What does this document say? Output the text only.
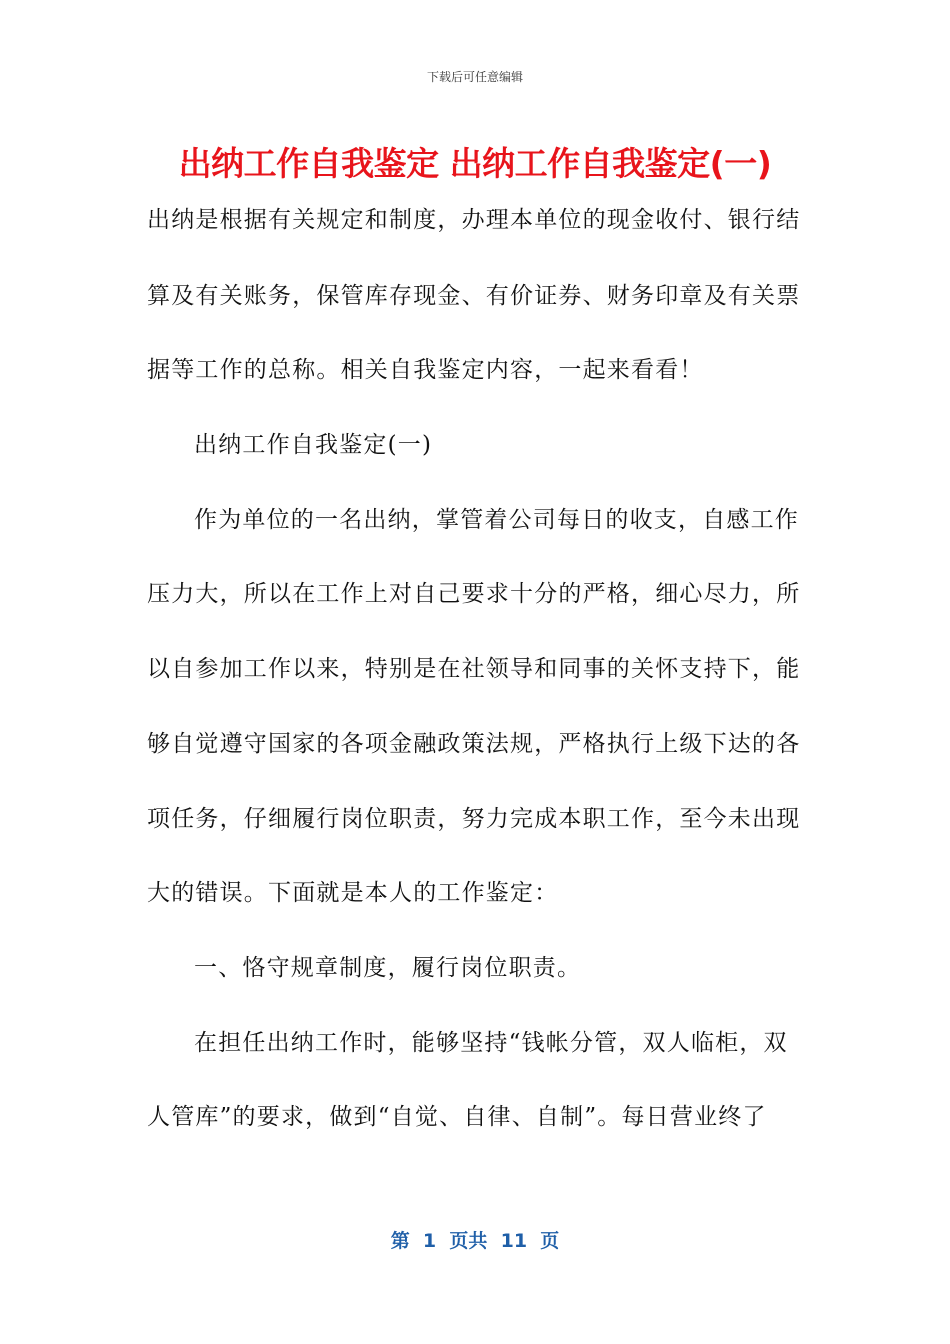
下载后可任意编辑
出纳工作自我鉴定 出纳工作自我鉴定(一)
出纳是根据有关规定和制度，办理本单位的现金收付、银行结
算及有关账务，保管库存现金、有价证券、财务印章及有关票
据等工作的总称。相关自我鉴定内容，一起来看看！
出纳工作自我鉴定(一)
作为单位的一名出纳，掌管着公司每日的收支，自感工作
压力大，所以在工作上对自己要求十分的严格，细心尽力，所
以自参加工作以来，特别是在社领导和同事的关怀支持下，能
够自觉遵守国家的各项金融政策法规，严格执行上级下达的各
项任务，仔细履行岗位职责，努力完成本职工作，至今未出现
大的错误。下面就是本人的工作鉴定：
一、恪守规章制度，履行岗位职责。
在担任出纳工作时，能够坚持“钱帐分管，双人临柜，双
人管库”的要求，做到“自觉、自律、自制”。每日营业终了
第  1  页共  11  页
